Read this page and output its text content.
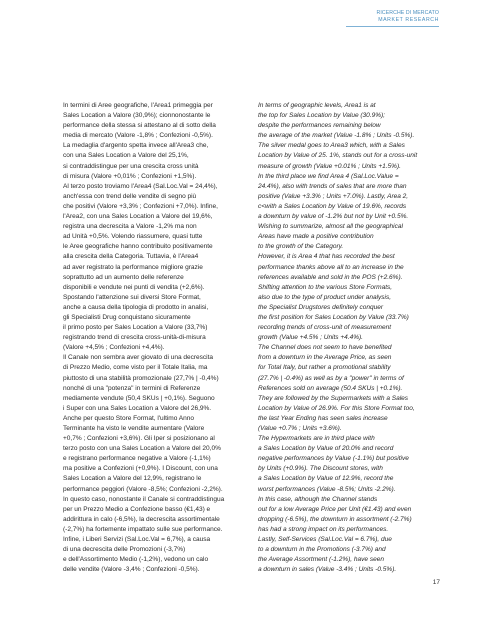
RICERCHE DI MERCATO
MARKET RESEARCH
In termini di Aree geografiche, l'Area1 primeggia per
Sales Location a Valore (30,9%); cionnonostante le
performance della stessa si attestano al di sotto della
media di mercato (Valore -1,8% ; Confezioni -0,5%).
La medaglia d'argento spetta invece all'Area3 che,
con una Sales Location a Valore del 25,1%,
si contraddistingue per una crescita cross unità
di misura (Valore +0,01% ; Confezioni +1,5%).
Al terzo posto troviamo l'Area4 (Sal.Loc.Val = 24,4%),
anch'essa con trend delle vendite di segno più
che positivi (Valore +3,3% ; Confezioni +7,0%). Infine,
l'Area2, con una Sales Location a Valore del 19,6%,
registra una decrescita a Valore -1,2% ma non
ad Unità +0,5%. Volendo riassumere, quasi tutte
le Aree geografiche hanno contribuito positivamente
alla crescita della Categoria. Tuttavia, è l'Area4
ad aver registrato la performance migliore grazie
soprattutto ad un aumento delle referenze
disponibili e vendute nei punti di vendita (+2,6%).
Spostando l'attenzione sui diversi Store Format,
anche a causa della tipologia di prodotto in analisi,
gli Specialisti Drug conquistano sicuramente
il primo posto per Sales Location a Valore (33,7%)
registrando trend di crescita cross-unità-di-misura
(Valore +4,5% ; Confezioni +4,4%).
Il Canale non sembra aver giovato di una decrescita
di Prezzo Medio, come visto per il Totale Italia, ma
piuttosto di una stabilità promozionale (27,7% | -0,4%)
nonché di una "potenza" in termini di Referenze
mediamente vendute (50,4 SKUs | +0,1%). Seguono
i Super con una Sales Location a Valore del 26,9%.
Anche per questo Store Format, l'ultimo Anno
Terminante ha visto le vendite aumentare (Valore
+0,7% ; Confezioni +3,6%). Gli Iper si posizionano al
terzo posto con una Sales Location a Valore del 20,0%
e registrano performance negative a Valore (-1,1%)
ma positive a Confezioni (+0,9%). I Discount, con una
Sales Location a Valore del 12,9%, registrano le
performance peggiori (Valore -8,5%; Confezioni -2,2%).
In questo caso, nonostante il Canale si contraddistingua
per un Prezzo Medio a Confezione basso (€1,43) e
addirittura in calo (-6,5%), la decrescita assortimentale
(-2,7%) ha fortemente impattato sulle sue performance.
Infine, i Liberi Servizi (Sal.Loc.Val = 6,7%), a causa
di una decrescita delle Promozioni (-3,7%)
e dell'Assortimento Medio (-1,2%), vedono un calo
delle vendite (Valore -3,4% ; Confezioni -0,5%).
In terms of geographic levels, Area1 is at
the top for Sales Location by Value (30.9%);
despite the performances remaining below
the average of the market (Value -1.8% ; Units -0.5%).
The silver medal goes to Area3 which, with a Sales
Location by Value of 25. 1%, stands out for a cross-unit
measure of growth (Value +0.01% ; Units +1.5%).
In the third place we find Area 4 (Sal.Loc.Value =
24.4%), also with trends of sales that are more than
positive (Value +3.3% ; Units +7.0%). Lastly, Area 2,
c<with a Sales Location by Value of 19.6%, records
a downturn by value of -1.2% but not by Unit +0.5%.
Wishing to summarize, almost all the geographical
Areas have made a positive contribution
to the growth of the Category.
However, it is Area 4 that has recorded the best
performance thanks above all to an increase in the
references available and sold in the POS (+2.6%).
Shifting attention to the various Store Formats,
also due to the type of product under analysis,
the Specialist Drugstores definitely conquer
the first position for Sales Location by Value (33.7%)
recording trends of cross-unit of measurement
growth (Value +4.5% ; Units +4.4%).
The Channel does not seem to have benefited
from a downturn in the Average Price, as seen
for Total Italy, but rather a promotional stability
(27.7% | -0.4%) as well as by a "power" in terms of
References sold on average (50.4 SKUs | +0.1%).
They are followed by the Supermarkets with a Sales
Location by Value of 26.9%. For this Store Format too,
the last Year Ending has seen sales increase
(Value +0.7% ; Units +3.6%).
The Hypermarkets are in third place with
a Sales Location by Value of 20.0% and record
negative performances by Value (-1.1%) but positive
by Units (+0.9%). The Discount stores, with
a Sales Location by Value of 12.9%, record the
worst performances (Value -8.5%; Units -2.2%).
In this case, although the Channel stands
out for a low Average Price per Unit (€1.43) and even
dropping (-6.5%), the downturn in assortment (-2.7%)
has had a strong impact on its performances.
Lastly, Self-Services (Sal.Loc.Val = 6.7%), due
to a downturn in the Promotions (-3.7%) and
the Average Assortment (-1.2%), have seen
a downturn in sales (Value -3.4% ; Units -0.5%).
17
